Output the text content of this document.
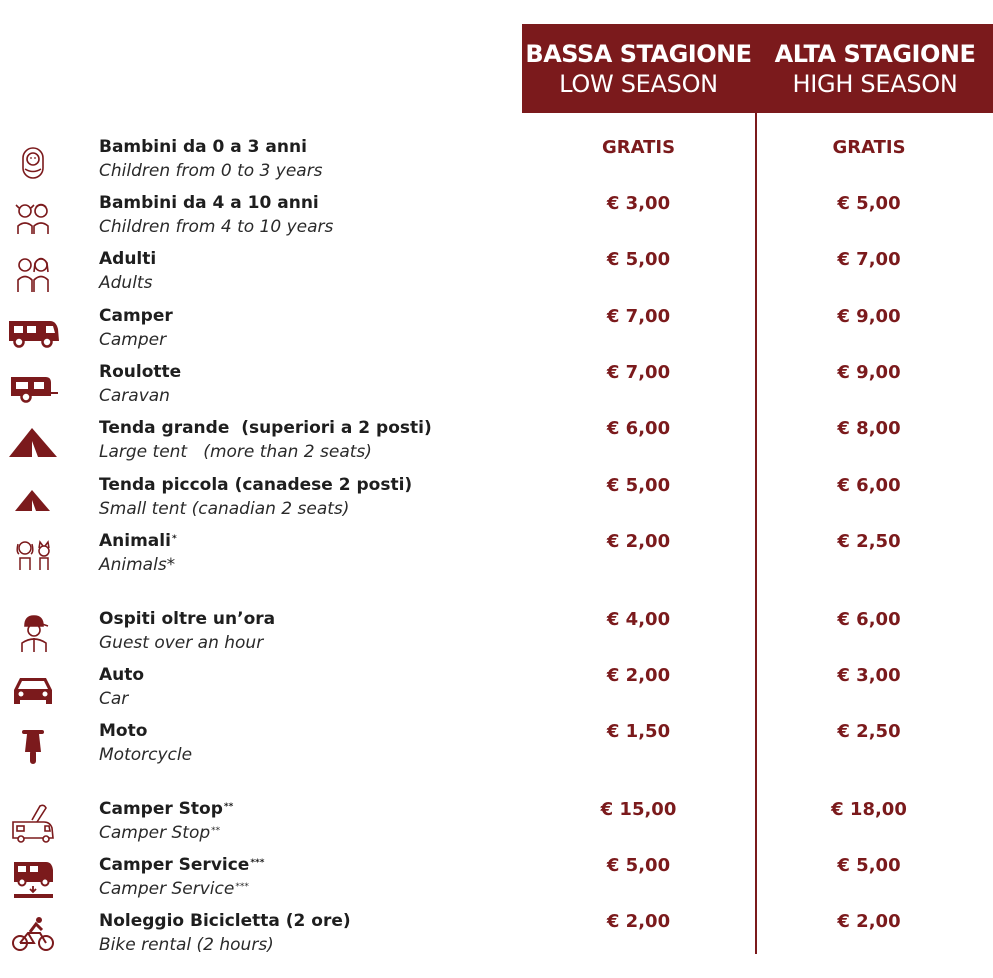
BASSA STAGIONE
LOW SEASON
ALTA STAGIONE
HIGH SEASON
Bambini da 0 a 3 anni
Children from 0 to 3 years
GRATIS	GRATIS
Bambini da 4 a 10 anni
Children from 4 to 10 years
€ 3,00	€ 5,00
Adulti
Adults
€ 5,00	€ 7,00
Camper
Camper
€ 7,00	€ 9,00
Roulotte
Caravan
€ 7,00	€ 9,00
Tenda grande  (superiori a 2 posti)
Large tent   (more than 2 seats)
€ 6,00	€ 8,00
Tenda piccola (canadese 2 posti)
Small tent (canadian 2 seats)
€ 5,00	€ 6,00
Animali*
Animals*
€ 2,00	€ 2,50
Ospiti oltre un’ora
Guest over an hour
€ 4,00	€ 6,00
Auto
Car
€ 2,00	€ 3,00
Moto
Motorcycle
€ 1,50	€ 2,50
Camper Stop**
Camper Stop**
€ 15,00	€ 18,00
Camper Service***
Camper Service***
€ 5,00	€ 5,00
Noleggio Bicicletta (2 ore)
Bike rental (2 hours)
€ 2,00	€ 2,00
